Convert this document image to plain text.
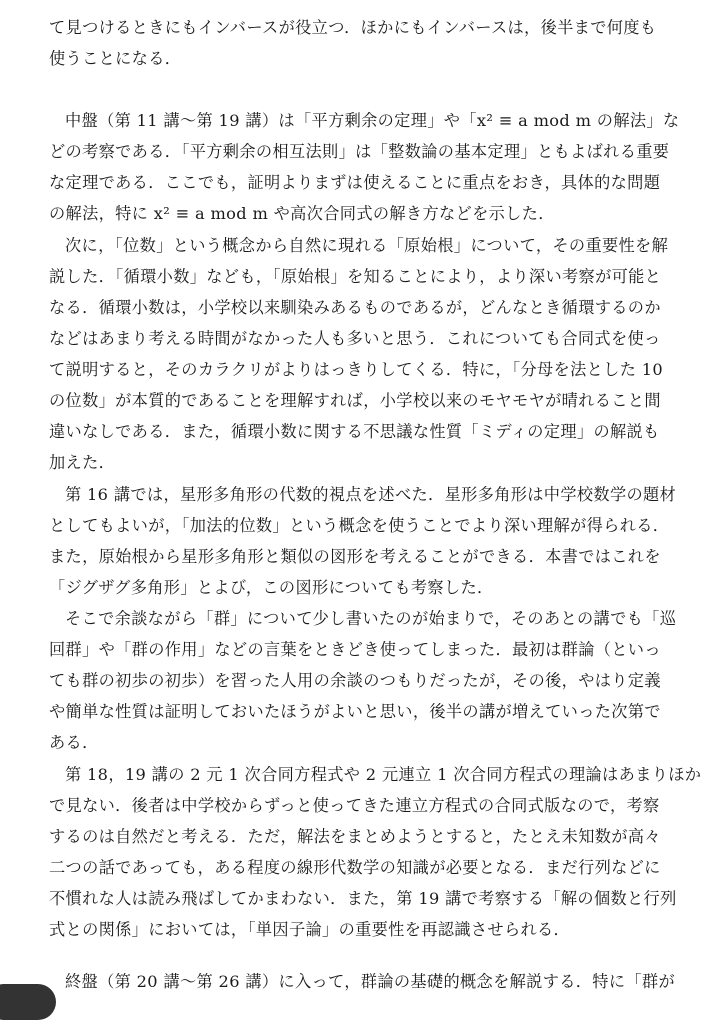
て見つけるときにもインバースが役立つ．ほかにもインバースは，後半まで何度も
使うことになる．
中盤（第 11 講～第 19 講）は「平方剰余の定理」や「x² ≡ a mod m の解法」な
どの考察である．「平方剰余の相互法則」は「整数論の基本定理」ともよばれる重要
な定理である．ここでも，証明よりまずは使えることに重点をおき，具体的な問題
の解法，特に x² ≡ a mod m や高次合同式の解き方などを示した．
次に，「位数」という概念から自然に現れる「原始根」について，その重要性を解
説した．「循環小数」なども，「原始根」を知ることにより，より深い考察が可能と
なる．循環小数は，小学校以来馴染みあるものであるが，どんなとき循環するのか
などはあまり考える時間がなかった人も多いと思う．これについても合同式を使っ
て説明すると，そのカラクリがよりはっきりしてくる．特に，「分母を法とした 10
の位数」が本質的であることを理解すれば，小学校以来のモヤモヤが晴れること間
違いなしである．また，循環小数に関する不思議な性質「ミディの定理」の解説も
加えた．
第 16 講では，星形多角形の代数的視点を述べた．星形多角形は中学校数学の題材
としてもよいが，「加法的位数」という概念を使うことでより深い理解が得られる．
また，原始根から星形多角形と類似の図形を考えることができる．本書ではこれを
「ジグザグ多角形」とよび，この図形についても考察した．
そこで余談ながら「群」について少し書いたのが始まりで，そのあとの講でも「巡
回群」や「群の作用」などの言葉をときどき使ってしまった．最初は群論（といっ
ても群の初歩の初歩）を習った人用の余談のつもりだったが，その後，やはり定義
や簡単な性質は証明しておいたほうがよいと思い，後半の講が増えていった次第で
ある．
第 18，19 講の 2 元 1 次合同方程式や 2 元連立 1 次合同方程式の理論はあまりほか
で見ない．後者は中学校からずっと使ってきた連立方程式の合同式版なので，考察
するのは自然だと考える．ただ，解法をまとめようとすると，たとえ未知数が高々
二つの話であっても，ある程度の線形代数学の知識が必要となる．まだ行列などに
不慣れな人は読み飛ばしてかまわない．また，第 19 講で考察する「解の個数と行列
式との関係」においては，「単因子論」の重要性を再認識させられる．
終盤（第 20 講～第 26 講）に入って，群論の基礎的概念を解説する．特に「群が
